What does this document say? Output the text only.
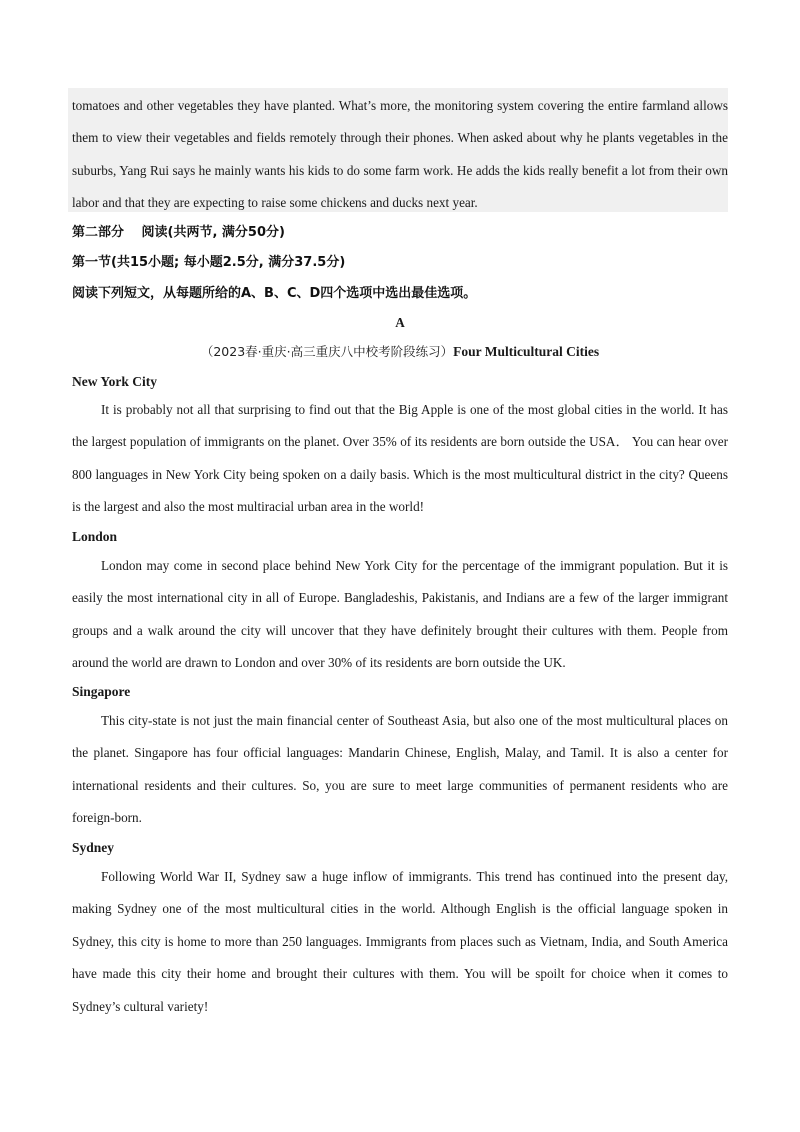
tomatoes and other vegetables they have planted. What’s more, the monitoring system covering the entire farmland allows them to view their vegetables and fields remotely through their phones. When asked about why he plants vegetables in the suburbs, Yang Rui says he mainly wants his kids to do some farm work. He adds the kids really benefit a lot from their own labor and that they are expecting to raise some chickens and ducks next year.
第二部分　 阅读(共两节, 满分50分)
第一节(共15小题; 每小题2.5分, 满分37.5分)
阅读下列短文，从每题所给的A、B、C、D四个选项中选出最佳选项。
A
（2023春·重庆·高三重庆八中校考阶段练习）Four Multicultural Cities
New York City
It is probably not all that surprising to find out that the Big Apple is one of the most global cities in the world. It has the largest population of immigrants on the planet. Over 35% of its residents are born outside the USA． You can hear over 800 languages in New York City being spoken on a daily basis. Which is the most multicultural district in the city? Queens is the largest and also the most multiracial urban area in the world!
London
London may come in second place behind New York City for the percentage of the immigrant population. But it is easily the most international city in all of Europe. Bangladeshis, Pakistanis, and Indians are a few of the larger immigrant groups and a walk around the city will uncover that they have definitely brought their cultures with them. People from around the world are drawn to London and over 30% of its residents are born outside the UK.
Singapore
This city-state is not just the main financial center of Southeast Asia, but also one of the most multicultural places on the planet. Singapore has four official languages: Mandarin Chinese, English, Malay, and Tamil. It is also a center for international residents and their cultures. So, you are sure to meet large communities of permanent residents who are foreign-born.
Sydney
Following World War II, Sydney saw a huge inflow of immigrants. This trend has continued into the present day, making Sydney one of the most multicultural cities in the world. Although English is the official language spoken in Sydney, this city is home to more than 250 languages. Immigrants from places such as Vietnam, India, and South America have made this city their home and brought their cultures with them. You will be spoilt for choice when it comes to Sydney’s cultural variety!
